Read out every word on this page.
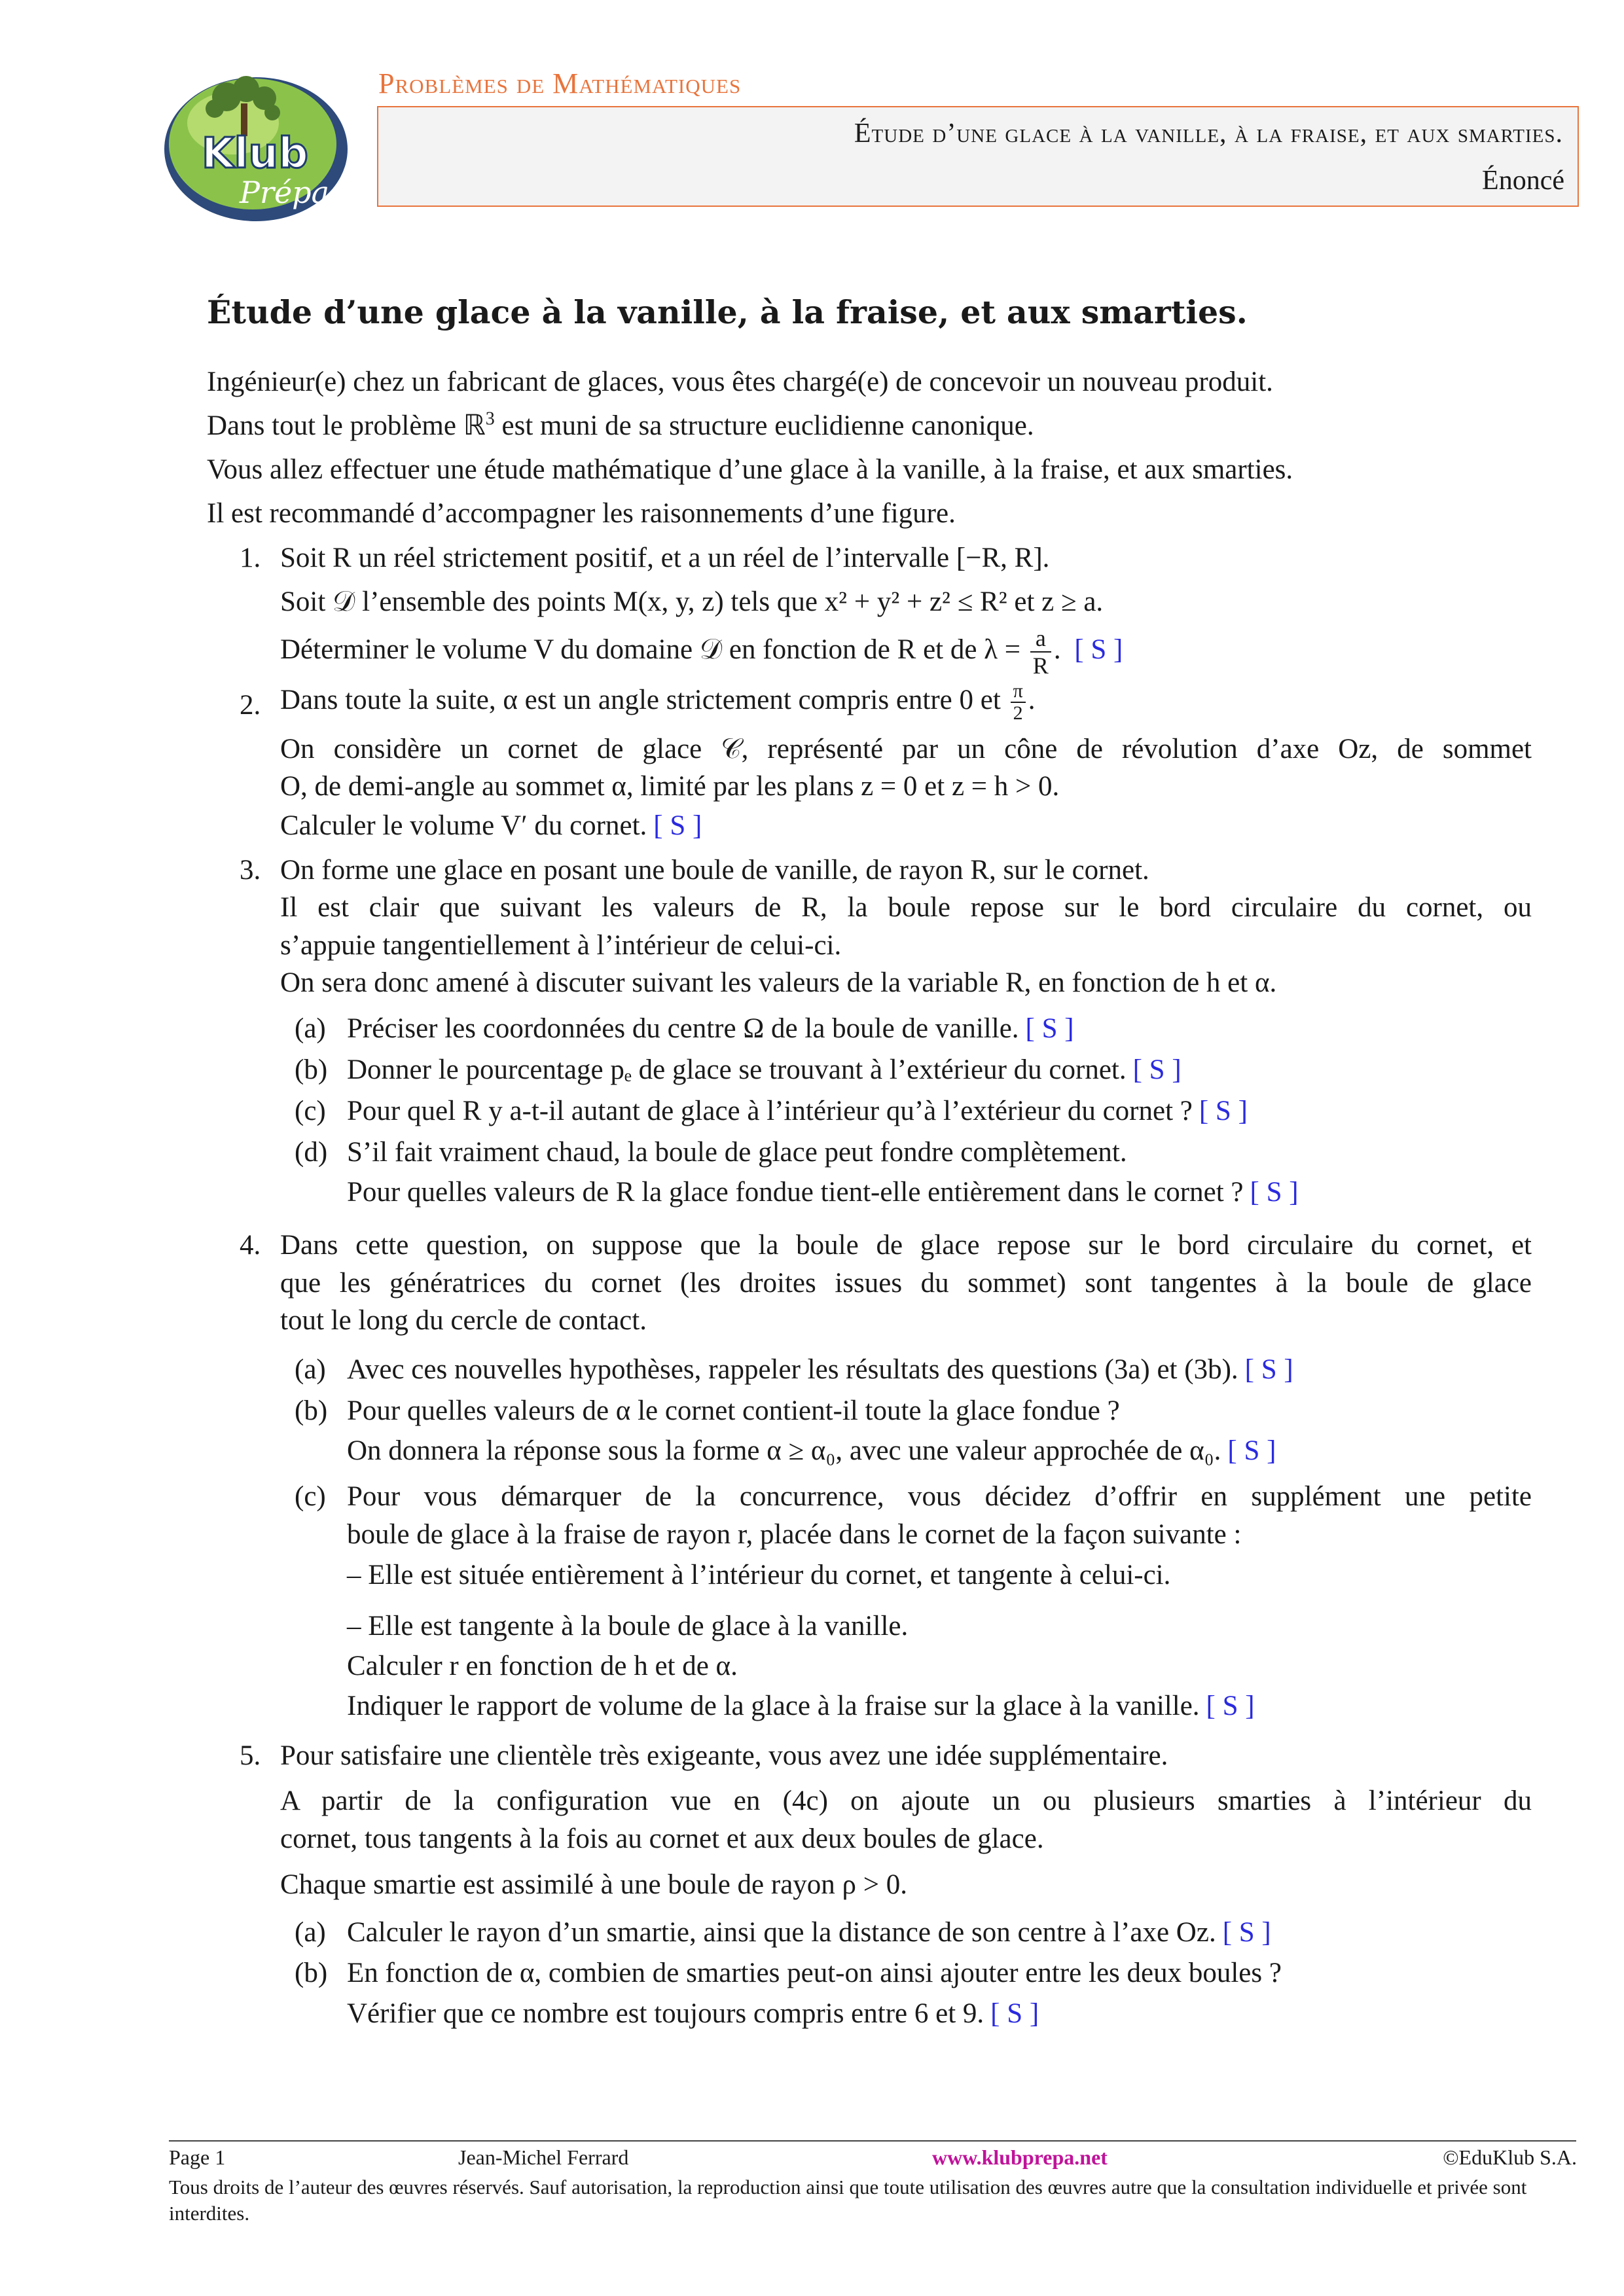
Klub
Prépa
Problèmes de Mathématiques
Étude d’une glace à la vanille, à la fraise, et aux smarties.
Énoncé
Étude d’une glace à la vanille, à la fraise, et aux smarties.
Ingénieur(e) chez un fabricant de glaces, vous êtes chargé(e) de concevoir un nouveau produit.
Dans tout le problème ℝ$^3$ est muni de sa structure euclidienne canonique.
Vous allez effectuer une étude mathématique d’une glace à la vanille, à la fraise, et aux smarties.
Il est recommandé d’accompagner les raisonnements d’une figure.
1. Soit R un réel strictement positif, et a un réel de l’intervalle [−R, R].
Soit 𝒟 l’ensemble des points M(x, y, z) tels que x² + y² + z² ≤ R² et z ≥ a.
Déterminer le volume V du domaine 𝒟 en fonction de R et de $\lambda = \frac{a}{R}$ . [ S ]
2. Dans toute la suite, α est un angle strictement compris entre 0 et $\frac{\pi}{2}$ .
On considère un cornet de glace 𝒞, représenté par un cône de révolution d’axe Oz, de sommet
O, de demi-angle au sommet α, limité par les plans z = 0 et z = h > 0.
Calculer le volume V′ du cornet. [ S ]
3. On forme une glace en posant une boule de vanille, de rayon R, sur le cornet.
Il est clair que suivant les valeurs de R, la boule repose sur le bord circulaire du cornet, ou
s’appuie tangentiellement à l’intérieur de celui-ci.
On sera donc amené à discuter suivant les valeurs de la variable R, en fonction de h et α.
(a) Préciser les coordonnées du centre Ω de la boule de vanille. [ S ]
(b) Donner le pourcentage pₑ de glace se trouvant à l’extérieur du cornet. [ S ]
(c) Pour quel R y a-t-il autant de glace à l’intérieur qu’à l’extérieur du cornet ? [ S ]
(d) S’il fait vraiment chaud, la boule de glace peut fondre complètement.
Pour quelles valeurs de R la glace fondue tient-elle entièrement dans le cornet ? [ S ]
4. Dans cette question, on suppose que la boule de glace repose sur le bord circulaire du cornet, et
que les génératrices du cornet (les droites issues du sommet) sont tangentes à la boule de glace
tout le long du cercle de contact.
(a) Avec ces nouvelles hypothèses, rappeler les résultats des questions (3a) et (3b). [ S ]
(b) Pour quelles valeurs de α le cornet contient-il toute la glace fondue ?
On donnera la réponse sous la forme α ≥ α₀, avec une valeur approchée de α₀. [ S ]
(c) Pour vous démarquer de la concurrence, vous décidez d’offrir en supplément une petite
boule de glace à la fraise de rayon r, placée dans le cornet de la façon suivante :
– Elle est située entièrement à l’intérieur du cornet, et tangente à celui-ci.
– Elle est tangente à la boule de glace à la vanille.
Calculer r en fonction de h et de α.
Indiquer le rapport de volume de la glace à la fraise sur la glace à la vanille. [ S ]
5. Pour satisfaire une clientèle très exigeante, vous avez une idée supplémentaire.
A partir de la configuration vue en (4c) on ajoute un ou plusieurs smarties à l’intérieur du
cornet, tous tangents à la fois au cornet et aux deux boules de glace.
Chaque smartie est assimilé à une boule de rayon ρ > 0.
(a) Calculer le rayon d’un smartie, ainsi que la distance de son centre à l’axe Oz. [ S ]
(b) En fonction de α, combien de smarties peut-on ainsi ajouter entre les deux boules ?
Vérifier que ce nombre est toujours compris entre 6 et 9. [ S ]
Page 1	Jean-Michel Ferrard	www.klubprepa.net	©EduKlub S.A.
Tous droits de l’auteur des œuvres réservés. Sauf autorisation, la reproduction ainsi que toute utilisation des œuvres autre que la consultation individuelle et privée sont interdites.
